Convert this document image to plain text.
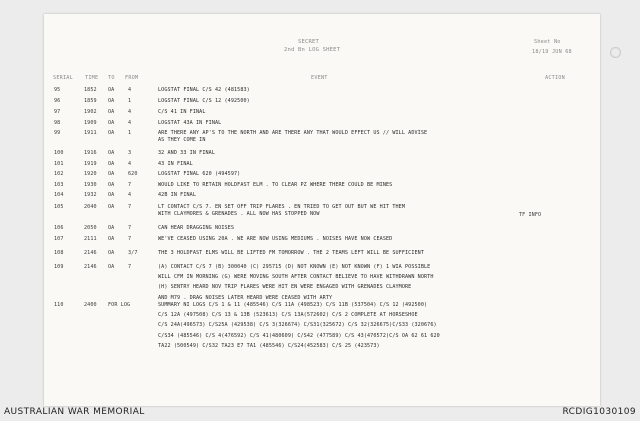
SECRET
2nd Bn LOG SHEET
Sheet No
18/19 JUN 68
SERIAL TIME TO FROM	EVENT	ACTION
95	1852 OA	4	LOGSTAT FINAL C/S 42 (481583)
96	1859 OA	1	LOGSTAT FINAL C/S 12 (492500)
97	1902 OA	4	C/S 41 IN FINAL
98	1909 OA	4	LOGSTAT 43A IN FINAL
99	1911 OA	1	ARE THERE ANY AP'S TO THE NORTH AND ARE THERE ANY THAT WOULD EFFECT US // WILL ADVISE
AS THEY COME IN
100	1916 OA	3	32 AND 33 IN FINAL
101	1919 OA	4	43 IN FINAL
102	1920 OA	620	LOGSTAT FINAL 620 (494597)
103	1930 OA	7	WOULD LIKE TO RETAIN HOLDFAST ELM . TO CLEAR PZ WHERE THERE COULD BE MINES
104	1932 OA	4	42B IN FINAL
105	2040 OA	7	LT CONTACT C/S 7. EN SET OFF TRIP FLARES . EN TRIED TO GET OUT BUT WE HIT THEM
WITH CLAYMORES & GRENADES . ALL NOW HAS STOPPED NOW	TF INFO
106	2050 OA	7	CAN HEAR DRAGGING NOISES
107	2111 OA	7	WE'VE CEASED USING 20A . WE ARE NOW USING MEDIUMS . NOISES HAVE NOW CEASED
108	2146 OA	3/7	THE 3 HOLDFAST ELMS WILL BE LIFTED FM TOMORROW . THE 2 TEAMS LEFT WILL BE SUFFICIENT
109	2146 OA	7	(A) CONTACT C/S 7 (B) 300040 (C) 295715 (D) NOT KNOWN (E) NOT KNOWN (F) 1 WIA POSSIBLE
WILL CFM IN MORNING (G) WERE MOVING SOUTH AFTER CONTACT BELIEVE TO HAVE WITHDRAWN NORTH
(H) SENTRY HEARD NOV TRIP FLARES WERE HIT EN WERE ENGAGED WITH GRENADES CLAYMORE
AND M79 . DRAG NOISES LATER HEARD WERE CEASED WITH ARTY
110	2400 FOR LOG	SUMMARY NI LOGS C/S 1 & 11 (485546) C/S 11A (498523) C/S 11B (537504) C/S 12 (492500)
C/S 12A (497508) C/S 13 & 13B (523613) C/S 13A(572602) C/S 2 COMPLETE AT HORSESHOE
C/S 24A(496573) C/S25A (429538) C/S 3(326674) C/S31(325672) C/S 32(326675)C/S33 (320676)
C/S34 (485546) C/S 4(476592) C/S 41(480609) C/S42 (477589) C/S 43(470572)C/S OA 62 61 620
TA22 (500549) C/S32 TA23 E7 TA1 (485546) C/S24(452583) C/S 25 (423573)
AUSTRALIAN WAR MEMORIAL	RCDIG1030109
